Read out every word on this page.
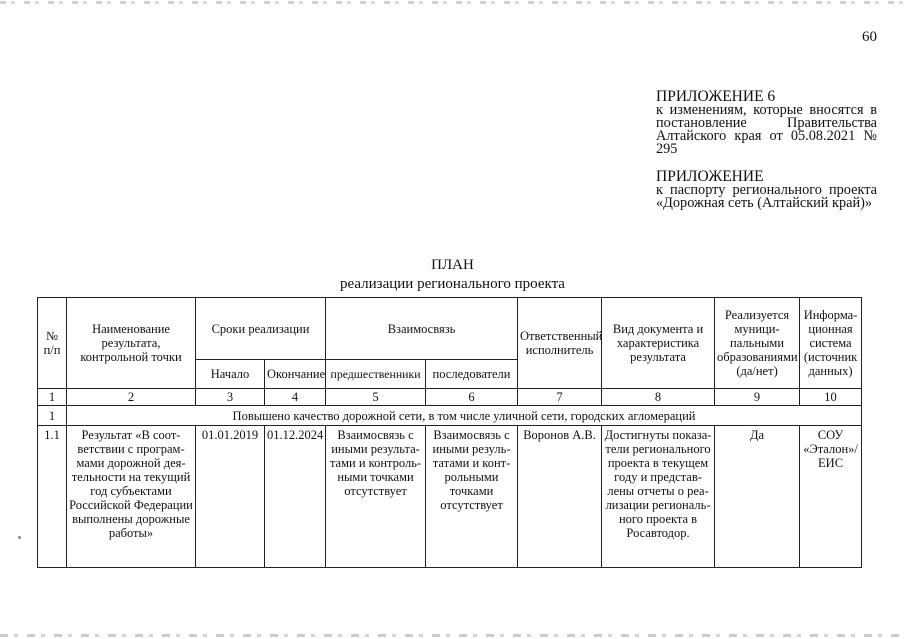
60
ПРИЛОЖЕНИЕ 6
к изменениям, которые вносятся в постановление Правительства Алтайского края от 05.08.2021 № 295
ПРИЛОЖЕНИЕ
к паспорту регионального проекта «Дорожная сеть (Алтайский край)»
ПЛАН
реализации регионального проекта
№ п/п	Наименование результата, контрольной точки	Сроки реализации		Взаимосвязь		Ответственный исполнитель	Вид документа и характеристика результата	Реализуется муници-пальными образованиями (да/нет)	Информа-ционная система (источник данных)
		Начало	Окончание	предшественники	последователи				
1	2	3	4	5	6	7	8	9	10
1	Повышено качество дорожной сети, в том числе уличной сети, городских агломераций								
1.1	Результат «В соот-ветствии с програм-мами дорожной дея-тельности на текущий год субъектами Российской Федерации выполнены дорожные работы»	01.01.2019	01.12.2024	Взаимосвязь с иными результа-тами и контроль-ными точками отсутствует	Взаимосвязь с иными резуль-татами и конт-рольными точками отсутствует	Воронов А.В.	Достигнуты показа-тели регионального проекта в текущем году и представ-лены отчеты о реа-лизации региональ-ного проекта в Росавтодор.	Да	СОУ «Эталон»/ ЕИС
